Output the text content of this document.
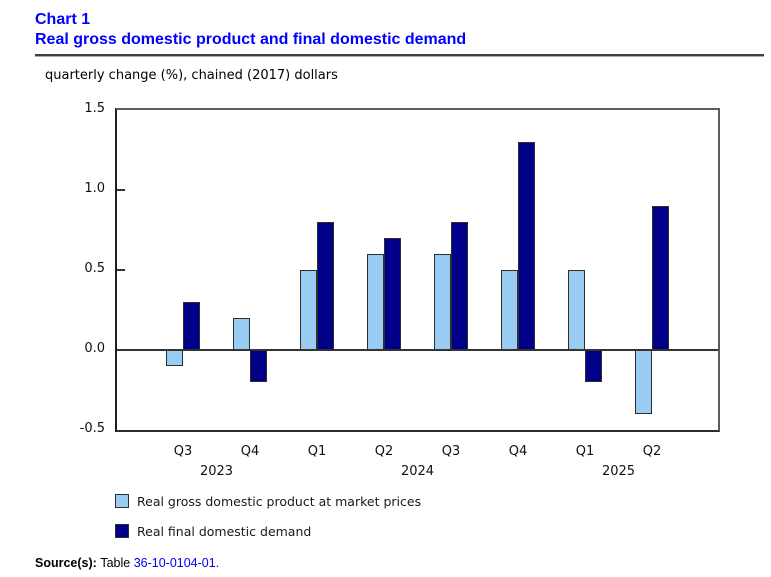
Chart 1
Real gross domestic product and final domestic demand
quarterly change (%), chained (2017) dollars
Real gross domestic product at market prices
Real final domestic demand
Source(s): Table 36-10-0104-01.
1.5
1.0
0.5
0.0
-0.5
Q3	Q4	Q1	Q2	Q3	Q4	Q1	Q2
2023	2024	2025
